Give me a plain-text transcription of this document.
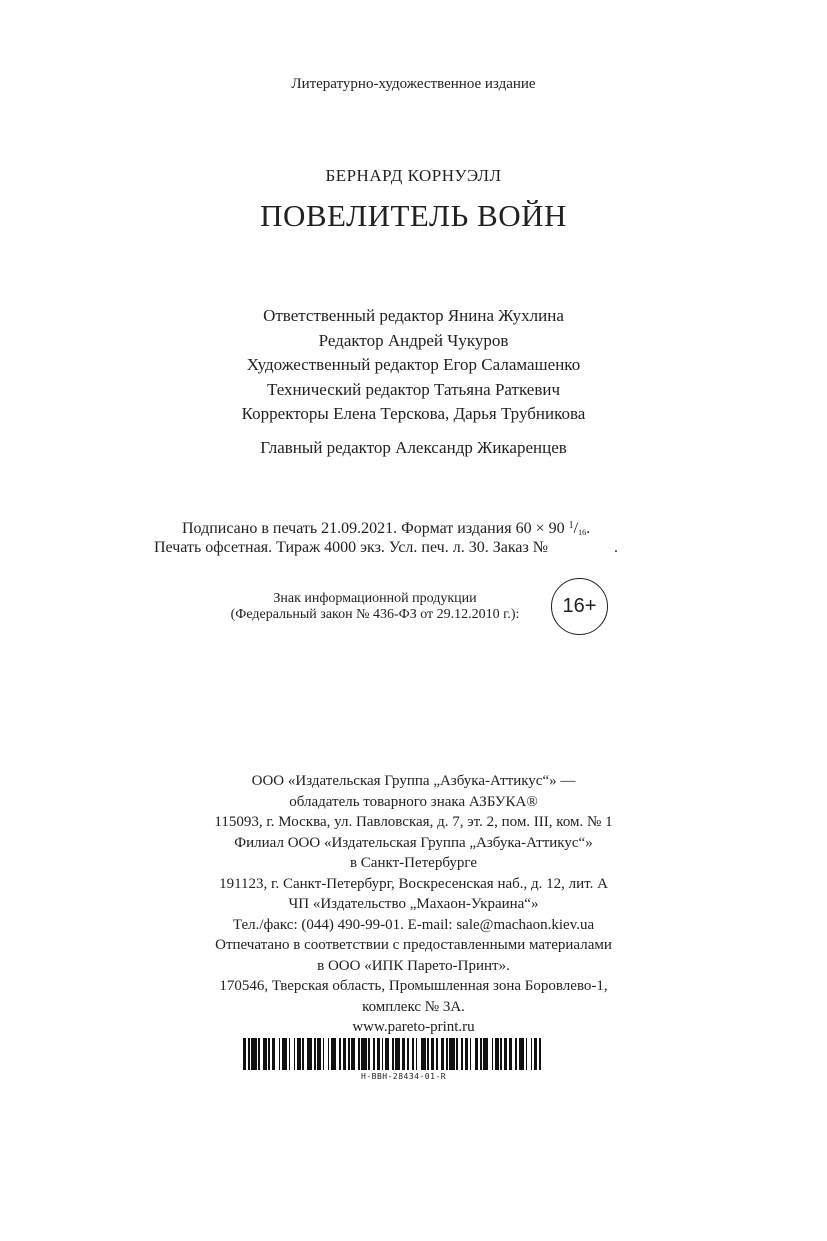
Литературно-художественное издание
БЕРНАРД КОРНУЭЛЛ
ПОВЕЛИТЕЛЬ ВОЙН
Ответственный редактор Янина Жухлина
Редактор Андрей Чукуров
Художественный редактор Егор Саламашенко
Технический редактор Татьяна Раткевич
Корректоры Елена Терскова, Дарья Трубникова
Главный редактор Александр Жикаренцев
Подписано в печать 21.09.2021. Формат издания 60 × 90 $^1/_{16}$.
Печать офсетная. Тираж 4000 экз. Усл. печ. л. 30. Заказ №	.
Знак информационной продукции
(Федеральный закон № 436-ФЗ от 29.12.2010 г.):	16+
ООО «Издательская Группа „Азбука-Аттикус“» —
обладатель товарного знака АЗБУКА®
115093, г. Москва, ул. Павловская, д. 7, эт. 2, пом. III, ком. № 1
Филиал ООО «Издательская Группа „Азбука-Аттикус“»
в Санкт-Петербурге
191123, г. Санкт-Петербург, Воскресенская наб., д. 12, лит. А
ЧП «Издательство „Махаон-Украина“»
Тел./факс: (044) 490-99-01. E-mail: sale@machaon.kiev.ua
Отпечатано в соответствии с предоставленными материалами
в ООО «ИПК Парето-Принт».
170546, Тверская область, Промышленная зона Боровлево-1,
комплекс № 3А.
www.pareto-print.ru
H-BBH-28434-01-R
